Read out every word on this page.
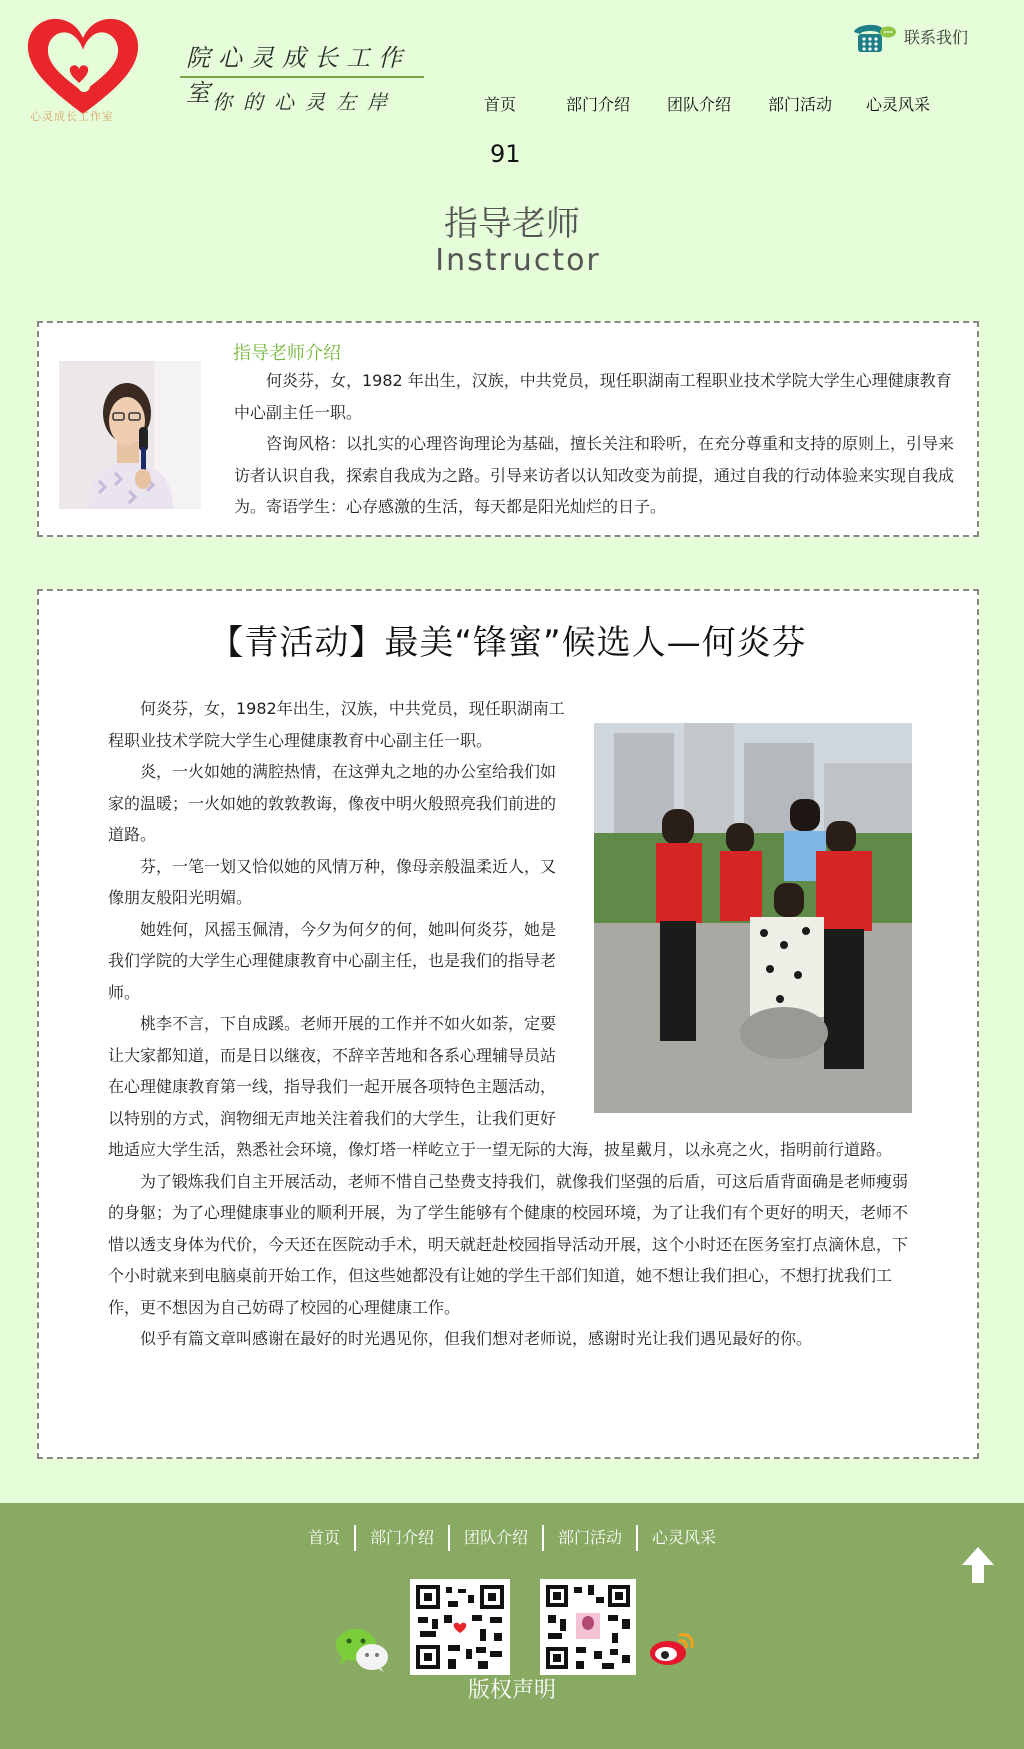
心灵成长工作室
院心灵成长工作室
你的心灵左岸
联系我们
首页	部门介绍	团队介绍	部门活动	心灵风采
91
指导老师
Instructor
指导老师介绍

何炎芬，女，1982 年出生，汉族，中共党员，现任职湖南工程职业技术学院大学生心理健康教育中心副主任一职。

咨询风格：以扎实的心理咨询理论为基础，擅长关注和聆听，在充分尊重和支持的原则上，引导来访者认识自我，探索自我成为之路。引导来访者以认知改变为前提，通过自我的行动体验来实现自我成为。寄语学生：心存感激的生活，每天都是阳光灿烂的日子。

【青活动】最美“锋蜜”候选人—何炎芬

何炎芬，女，1982年出生，汉族，中共党员，现任职湖南工程职业技术学院大学生心理健康教育中心副主任一职。

炎，一火如她的满腔热情，在这弹丸之地的办公室给我们如家的温暖；一火如她的敦敦教诲，像夜中明火般照亮我们前进的道路。

芬，一笔一划又恰似她的风情万种，像母亲般温柔近人，又像朋友般阳光明媚。

她姓何，风摇玉佩清，今夕为何夕的何，她叫何炎芬，她是我们学院的大学生心理健康教育中心副主任，也是我们的指导老师。

桃李不言，下自成蹊。老师开展的工作并不如火如荼，定要让大家都知道，而是日以继夜，不辞辛苦地和各系心理辅导员站在心理健康教育第一线，指导我们一起开展各项特色主题活动，以特别的方式，润物细无声地关注着我们的大学生，让我们更好地适应大学生活，熟悉社会环境，像灯塔一样屹立于一望无际的大海，披星戴月，以永亮之火，指明前行道路。

为了锻炼我们自主开展活动，老师不惜自己垫费支持我们，就像我们坚强的后盾，可这后盾背面确是老师瘦弱的身躯；为了心理健康事业的顺利开展，为了学生能够有个健康的校园环境，为了让我们有个更好的明天，老师不惜以透支身体为代价，今天还在医院动手术，明天就赶赴校园指导活动开展，这个小时还在医务室打点滴休息，下个小时就来到电脑桌前开始工作，但这些她都没有让她的学生干部们知道，她不想让我们担心，不想打扰我们工作，更不想因为自己妨碍了校园的心理健康工作。

似乎有篇文章叫感谢在最好的时光遇见你，但我们想对老师说，感谢时光让我们遇见最好的你。

首页	部门介绍	团队介绍	部门活动	心灵风采
版权声明
